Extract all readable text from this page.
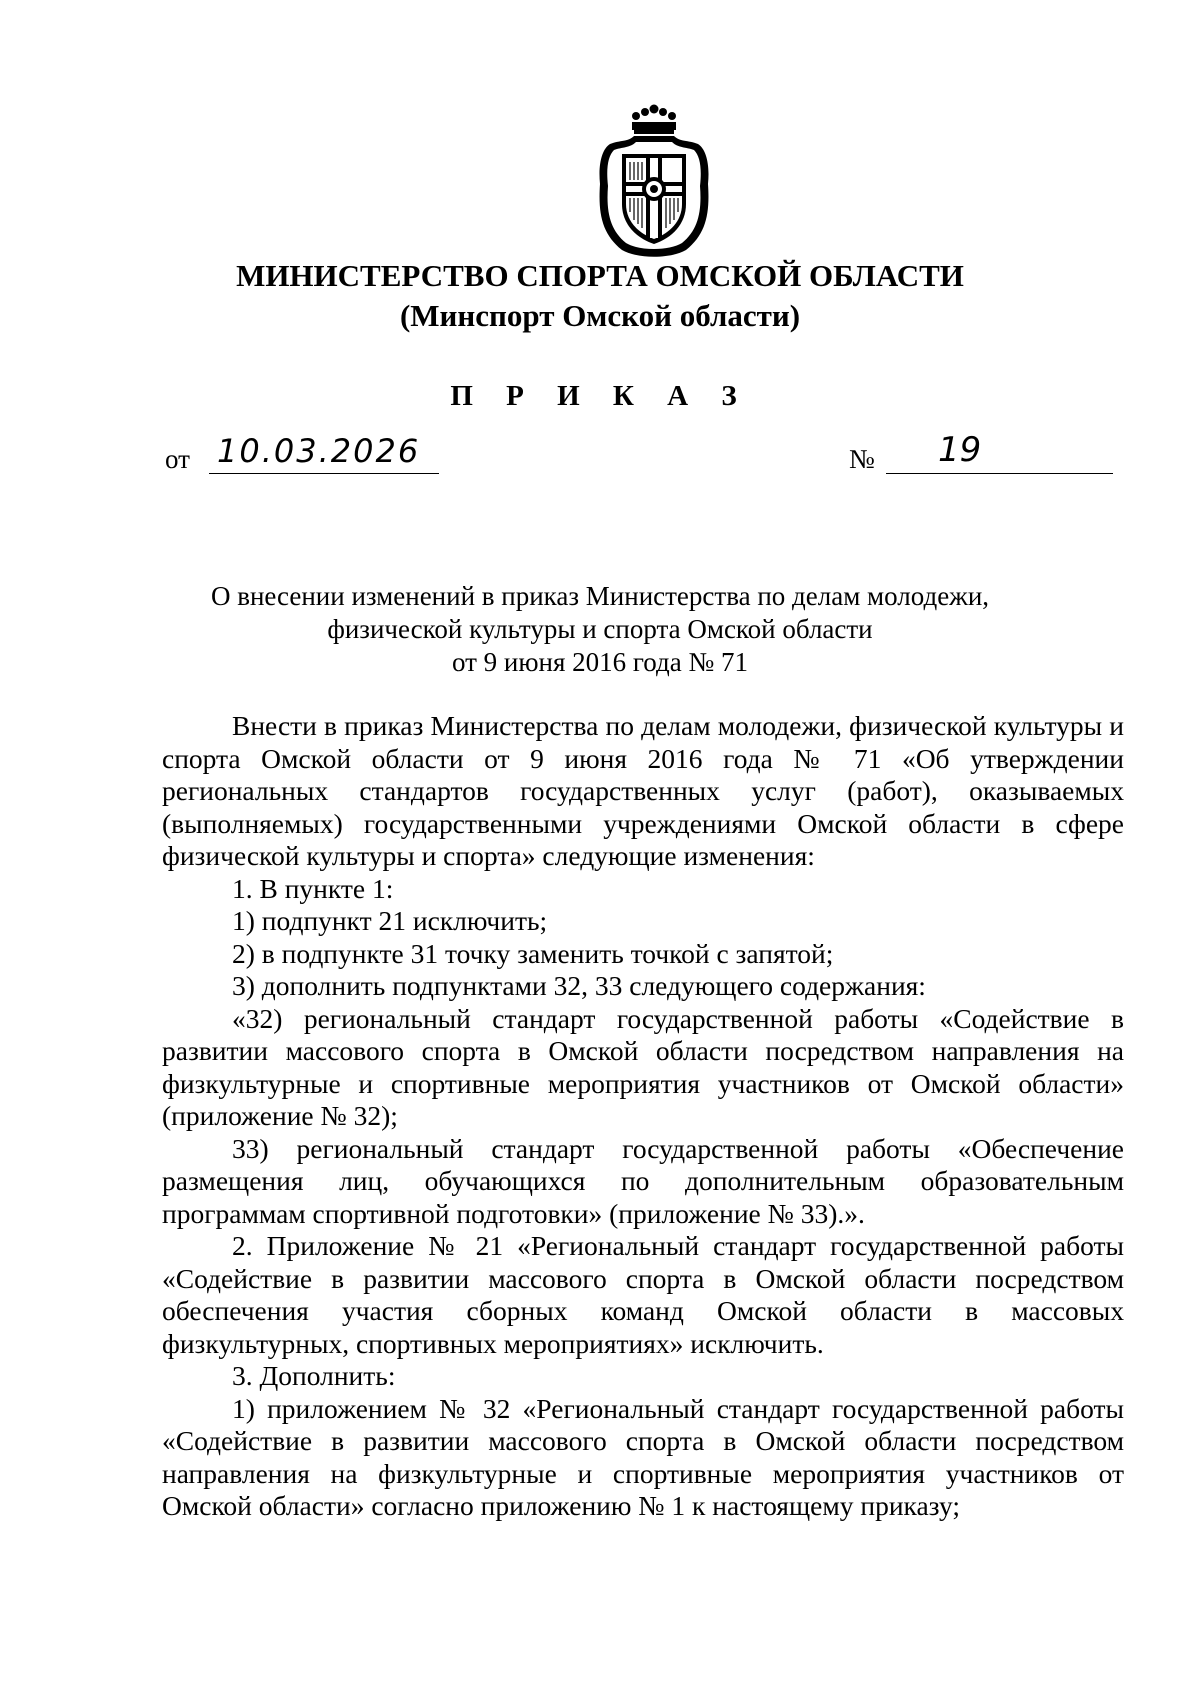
МИНИСТЕРСТВО СПОРТА ОМСКОЙ ОБЛАСТИ
(Минспорт Омской области)
П Р И К А З
от 10.03.2026	№	19
О внесении изменений в приказ Министерства по делам молодежи,
физической культуры и спорта Омской области
от 9 июня 2016 года № 71

Внести в приказ Министерства по делам молодежи, физической культуры и спорта Омской области от 9 июня 2016 года № 71 «Об утверждении региональных стандартов государственных услуг (работ), оказываемых (выполняемых) государственными учреждениями Омской области в сфере физической культуры и спорта» следующие изменения:

1. В пункте 1:

1) подпункт 21 исключить;

2) в подпункте 31 точку заменить точкой с запятой;

3) дополнить подпунктами 32, 33 следующего содержания:

«32) региональный стандарт государственной работы «Содействие в развитии массового спорта в Омской области посредством направления на физкультурные и спортивные мероприятия участников от Омской области» (приложение № 32);

33) региональный стандарт государственной работы «Обеспечение размещения лиц, обучающихся по дополнительным образовательным программам спортивной подготовки» (приложение № 33).».

2. Приложение № 21 «Региональный стандарт государственной работы «Содействие в развитии массового спорта в Омской области посредством обеспечения участия сборных команд Омской области в массовых физкультурных, спортивных мероприятиях» исключить.

3. Дополнить:

1) приложением № 32 «Региональный стандарт государственной работы «Содействие в развитии массового спорта в Омской области посредством направления на физкультурные и спортивные мероприятия участников от Омской области» согласно приложению № 1 к настоящему приказу;
